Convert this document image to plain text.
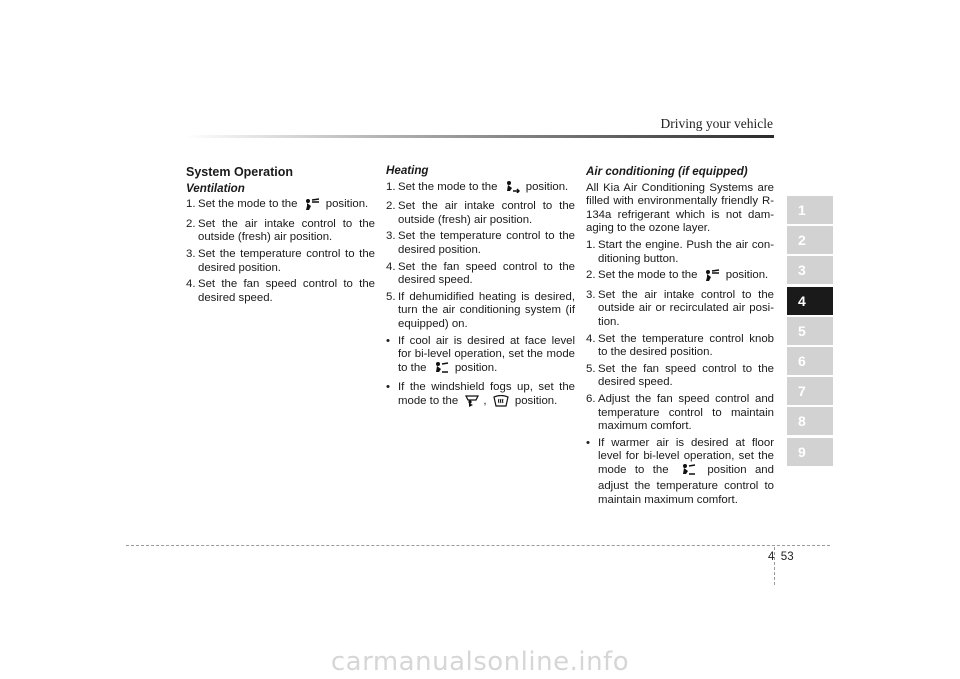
Driving your vehicle
System Operation
Ventilation
1. Set the mode to the position.
2. Set the air intake control to the outside (fresh) air position.
3. Set the temperature control to the desired position.
4. Set the fan speed control to the desired speed.
Heating
1. Set the mode to the position.
2. Set the air intake control to the outside (fresh) air position.
3. Set the temperature control to the desired position.
4. Set the fan speed control to the desired speed.
5. If dehumidified heating is desired, turn the air conditioning system (if equipped) on.
• If cool air is desired at face level for bi-level operation, set the mode to the position.
• If the windshield fogs up, set the mode to the , position.
Air conditioning (if equipped)

All Kia Air Conditioning Systems are filled with environmentally friendly R-134a refrigerant which is not dam-aging to the ozone layer.

1. Start the engine. Push the air con-ditioning button.
2. Set the mode to the position.
3. Set the air intake control to the outside air or recirculated air posi-tion.
4. Set the temperature control knob to the desired position.
5. Set the fan speed control to the desired speed.
6. Adjust the fan speed control and temperature control to maintain maximum comfort.
• If warmer air is desired at floor level for bi-level operation, set the mode to the	position and adjust the temperature control to maintain maximum comfort.
1
2
3
4
5
6
7
8
9
4 53
carmanualsonline.info
